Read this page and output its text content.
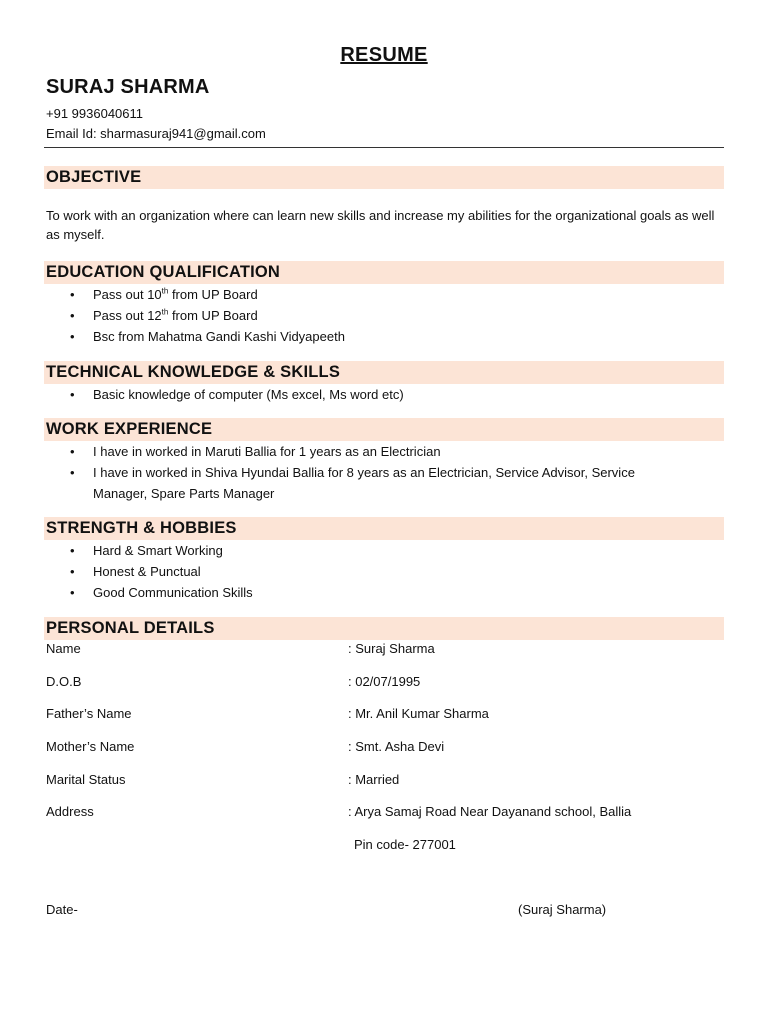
RESUME
SURAJ SHARMA
+91 9936040611
Email Id: sharmasuraj941@gmail.com
OBJECTIVE
To work with an organization where can learn new skills and increase my abilities for the organizational goals as well as myself.
EDUCATION QUALIFICATION
• Pass out 10th from UP Board
• Pass out 12th from UP Board
• Bsc from Mahatma Gandi Kashi Vidyapeeth
TECHNICAL KNOWLEDGE & SKILLS
• Basic knowledge of computer (Ms excel, Ms word etc)
WORK EXPERIENCE
• I have in worked in Maruti Ballia for 1 years as an Electrician
• I have in worked in Shiva Hyundai Ballia for 8 years as an Electrician, Service Advisor, Service Manager, Spare Parts Manager
STRENGTH & HOBBIES
• Hard & Smart Working
• Honest & Punctual
• Good Communication Skills
PERSONAL DETAILS
Name	: Suraj Sharma
D.O.B	: 02/07/1995
Father’s Name	: Mr. Anil Kumar Sharma
Mother’s Name	: Smt. Asha Devi
Marital Status	: Married
Address	: Arya Samaj Road Near Dayanand school, Ballia
Pin code- 277001
Date-	(Suraj Sharma)
